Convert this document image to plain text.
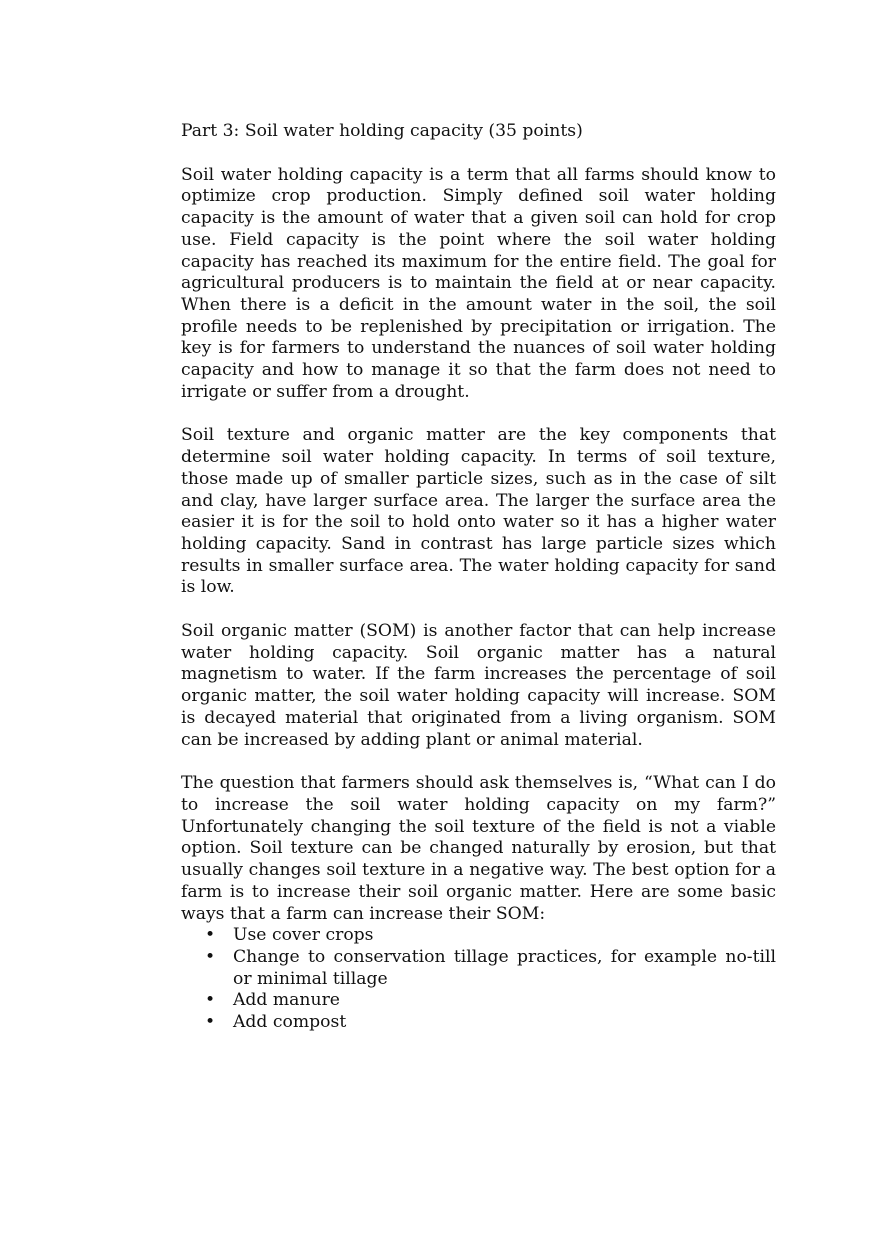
Part 3: Soil water holding capacity (35 points)

Soil water holding capacity is a term that all farms should know to optimize crop production. Simply defined soil water holding capacity is the amount of water that a given soil can hold for crop use. Field capacity is the point where the soil water holding capacity has reached its maximum for the entire field. The goal for agricultural producers is to maintain the field at or near capacity. When there is a deficit in the amount water in the soil, the soil profile needs to be replenished by precipitation or irrigation. The key is for farmers to understand the nuances of soil water holding capacity and how to manage it so that the farm does not need to irrigate or suffer from a drought.

Soil texture and organic matter are the key components that determine soil water holding capacity. In terms of soil texture, those made up of smaller particle sizes, such as in the case of silt and clay, have larger surface area. The larger the surface area the easier it is for the soil to hold onto water so it has a higher water holding capacity. Sand in contrast has large particle sizes which results in smaller surface area. The water holding capacity for sand is low.

Soil organic matter (SOM) is another factor that can help increase water holding capacity. Soil organic matter has a natural magnetism to water. If the farm increases the percentage of soil organic matter, the soil water holding capacity will increase. SOM is decayed material that originated from a living organism. SOM can be increased by adding plant or animal material.

The question that farmers should ask themselves is, “What can I do to increase the soil water holding capacity on my farm?” Unfortunately changing the soil texture of the field is not a viable option. Soil texture can be changed naturally by erosion, but that usually changes soil texture in a negative way. The best option for a farm is to increase their soil organic matter. Here are some basic ways that a farm can increase their SOM:

• Use cover crops
• Change to conservation tillage practices, for example no-till or minimal tillage
• Add manure
• Add compost
